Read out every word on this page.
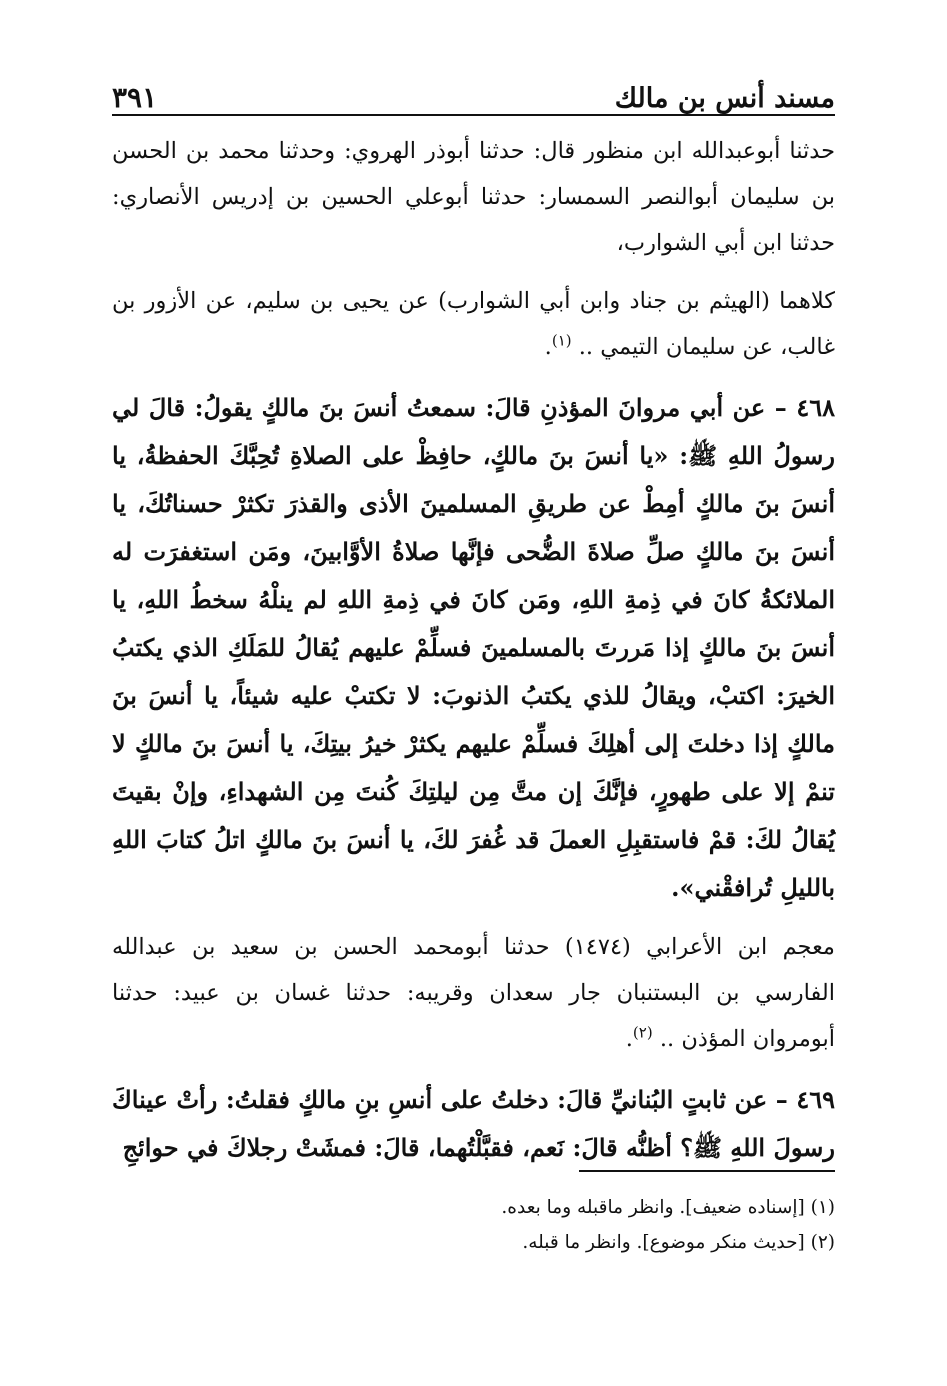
مسند أنس بن مالك
٣٩١

حدثنا أبوعبدالله ابن منظور قال: حدثنا أبوذر الهروي: وحدثنا محمد بن الحسن بن سليمان أبوالنصر السمسار: حدثنا أبوعلي الحسين بن إدريس الأنصاري: حدثنا ابن أبي الشوارب،

كلاهما (الهيثم بن جناد وابن أبي الشوارب) عن يحيى بن سليم، عن الأزور بن غالب، عن سليمان التيمي .. $^{(١)}$.

٤٦٨ – عن أبي مروانَ المؤذنِ قالَ: سمعتُ أنسَ بنَ مالكٍ يقولُ: قالَ لي رسولُ اللهِ ﷺ: «يا أنسَ بنَ مالكٍ، حافِظْ على الصلاةِ تُحِبَّكَ الحفظةُ، يا أنسَ بنَ مالكٍ أمِطْ عن طريقِ المسلمينَ الأذى والقذرَ تكثرْ حسناتُكَ، يا أنسَ بنَ مالكٍ صلِّ صلاةَ الضُّحى فإنَّها صلاةُ الأوَّابينَ، ومَن استغفرَت له الملائكةُ كانَ في ذِمةِ اللهِ، ومَن كانَ في ذِمةِ اللهِ لم ينلْهُ سخطُ اللهِ، يا أنسَ بنَ مالكٍ إذا مَررتَ بالمسلمينَ فسلِّمْ عليهم يُقالُ للمَلَكِ الذي يكتبُ الخيرَ: اكتبْ، ويقالُ للذي يكتبُ الذنوبَ: لا تكتبْ عليه شيئاً، يا أنسَ بنَ مالكٍ إذا دخلتَ إلى أهلِكَ فسلِّمْ عليهم يكثرْ خيرُ بيتِكَ، يا أنسَ بنَ مالكٍ لا تنمْ إلا على طهورٍ، فإنَّكَ إن متَّ مِن ليلتِكَ كُنتَ مِن الشهداءِ، وإنْ بقيتَ يُقالُ لكَ: قمْ فاستقبِلِ العملَ قد غُفرَ لكَ، يا أنسَ بنَ مالكٍ اتلُ كتابَ اللهِ بالليلِ تُرافقْني».

معجم ابن الأعرابي (١٤٧٤) حدثنا أبومحمد الحسن بن سعيد بن عبدالله الفارسي بن البستنبان جار سعدان وقريبه: حدثنا غسان بن عبيد: حدثنا أبومروان المؤذن .. $^{(٢)}$.

٤٦٩ – عن ثابتٍ البُنانيِّ قالَ: دخلتُ على أنسِ بنِ مالكٍ فقلتُ: رأتْ عيناكَ رسولَ اللهِ ﷺ؟ أظنُّه قالَ: نَعم، فقبَّلْتُهما، قالَ: فمشَتْ رجلاكَ في حوائجِ

(١) [إسناده ضعيف]. وانظر ماقبله وما بعده.

(٢) [حديث منكر موضوع]. وانظر ما قبله.
